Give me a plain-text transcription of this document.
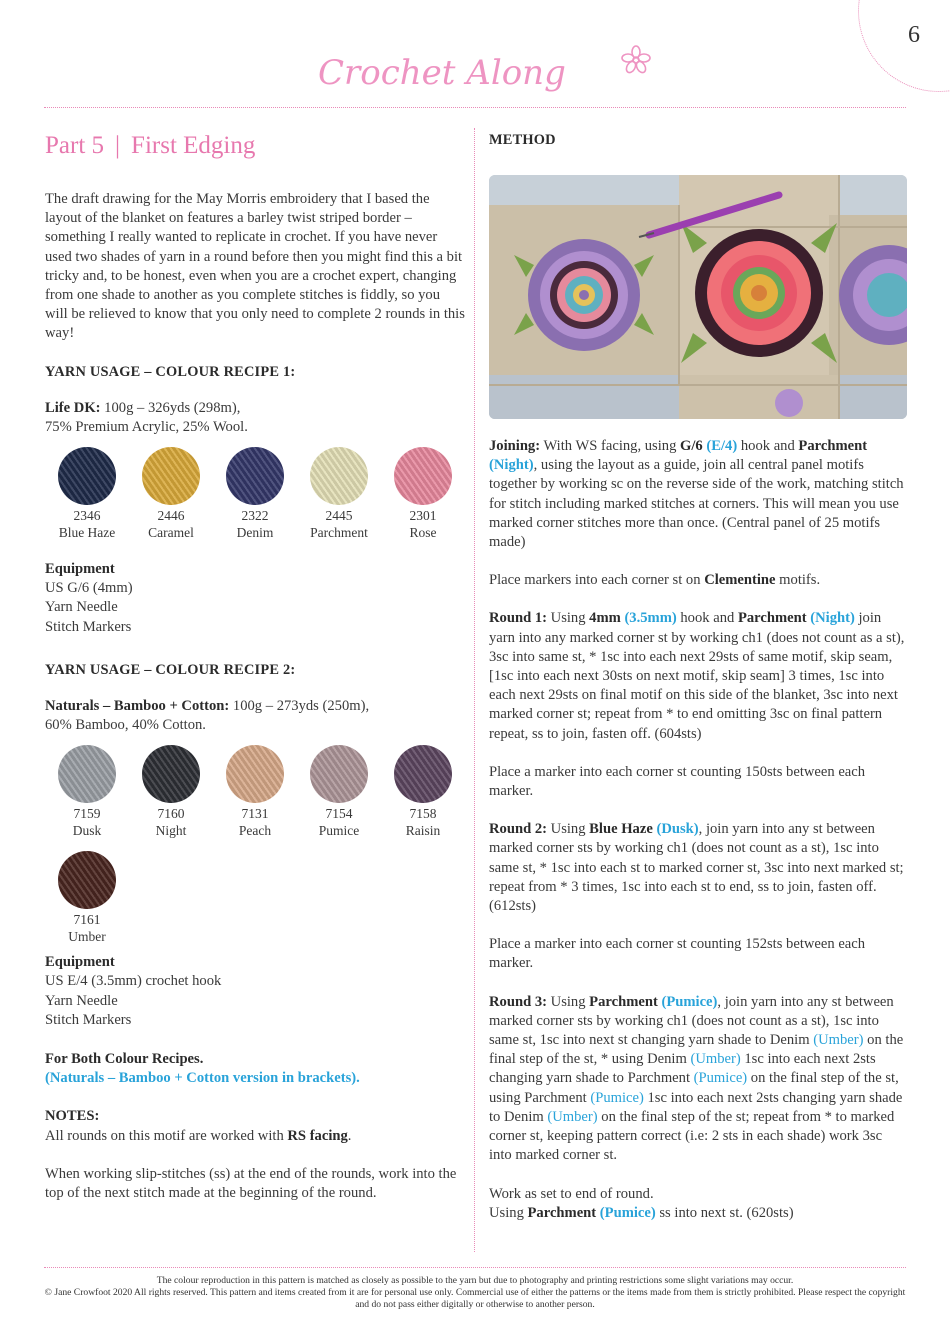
6
Crochet Along
Part 5 | First Edging

The draft drawing for the May Morris embroidery that I based the layout of the blanket on features a barley twist striped border – something I really wanted to replicate in crochet. If you have never used two shades of yarn in a round before then you might find this a bit tricky and, to be honest, even when you are a crochet expert, changing from one shade to another as you complete stitches is fiddly, so you will be relieved to know that you only need to complete 2 rounds in this way!

YARN USAGE – COLOUR RECIPE 1:

Life DK: 100g – 326yds (298m),
75% Premium Acrylic, 25% Wool.

2346
Blue Haze
2446
Caramel
2322
Denim
2445
Parchment
2301
Rose
Equipment
US G/6 (4mm)
Yarn Needle
Stitch Markers
YARN USAGE – COLOUR RECIPE 2:

Naturals – Bamboo + Cotton: 100g – 273yds (250m),
60% Bamboo, 40% Cotton.

7159
Dusk
7160
Night
7131
Peach
7154
Pumice
7158
Raisin
7161
Umber
Equipment
US E/4 (3.5mm) crochet hook
Yarn Needle
Stitch Markers
For Both Colour Recipes.
(Naturals – Bamboo + Cotton version in brackets).
NOTES:

All rounds on this motif are worked with RS facing.

When working slip-stitches (ss) at the end of the rounds, work into the top of the next stitch made at the beginning of the round.

METHOD

Joining: With WS facing, using G/6 (E/4) hook and Parchment (Night), using the layout as a guide, join all central panel motifs together by working sc on the reverse side of the work, matching stitch for stitch including marked stitches at corners. This will mean you use marked corner stitches more than once. (Central panel of 25 motifs made)

Place markers into each corner st on Clementine motifs.

Round 1: Using 4mm (3.5mm) hook and Parchment (Night) join yarn into any marked corner st by working ch1 (does not count as a st), 3sc into same st, * 1sc into each next 29sts of same motif, skip seam, [1sc into each next 30sts on next motif, skip seam] 3 times, 1sc into each next 29sts on final motif on this side of the blanket, 3sc into next marked corner st; repeat from * to end omitting 3sc on final pattern repeat, ss to join, fasten off. (604sts)

Place a marker into each corner st counting 150sts between each marker.

Round 2: Using Blue Haze (Dusk), join yarn into any st between marked corner sts by working ch1 (does not count as a st), 1sc into same st, * 1sc into each st to marked corner st, 3sc into next marked st; repeat from * 3 times, 1sc into each st to end, ss to join, fasten off. (612sts)

Place a marker into each corner st counting 152sts between each marker.

Round 3: Using Parchment (Pumice), join yarn into any st between marked corner sts by working ch1 (does not count as a st), 1sc into same st, 1sc into next st changing yarn shade to Denim (Umber) on the final step of the st, * using Denim (Umber) 1sc into each next 2sts changing yarn shade to Parchment (Pumice) on the final step of the st, using Parchment (Pumice) 1sc into each next 2sts changing yarn shade to Denim (Umber) on the final step of the st; repeat from * to marked corner st, keeping pattern correct (i.e: 2 sts in each shade) work 3sc into marked corner st.

Work as set to end of round.

Using Parchment (Pumice) ss into next st. (620sts)

The colour reproduction in this pattern is matched as closely as possible to the yarn but due to photography and printing restrictions some slight variations may occur.
© Jane Crowfoot 2020 All rights reserved. This pattern and items created from it are for personal use only. Commercial use of either the patterns or the items made from them is strictly prohibited. Please respect the copyright and do not pass either digitally or otherwise to another person.
